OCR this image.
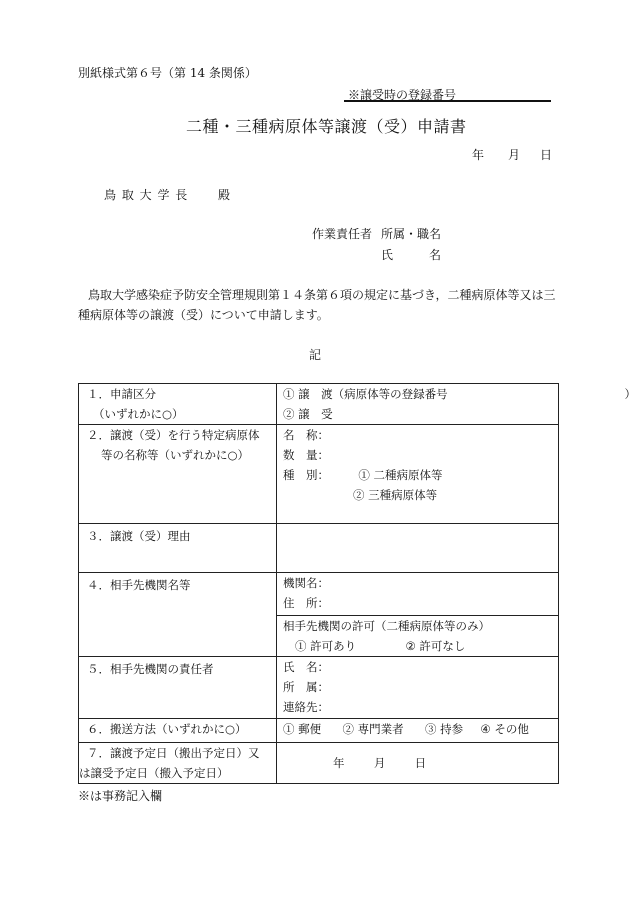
別紙様式第６号（第 14 条関係）
※譲受時の登録番号
二種・三種病原体等譲渡（受）申請書
年 月 日
鳥 取 大 学 長 殿
作業責任者 所属・職名
氏　　　名
鳥取大学感染症予防安全管理規則第１４条第６項の規定に基づき，二種病原体等又は三
種病原体等の譲渡（受）について申請します。
記
１．申請区分
（いずれかに○）	① 譲　渡（病原体等の登録番号 ）
② 譲　受

２．譲渡（受）を行う特定病原体
等の名称等（いずれかに○）	名　称：
数　量：
種　別： ① 二種病原体等
② 三種病原体等

３．譲渡（受）理由	

４．相手先機関名等	機関名：
住　所：
相手先機関の許可（二種病原体等のみ）
① 許可あり ② 許可なし

５．相手先機関の責任者	氏　名：
所　属：
連絡先：

６．搬送方法（いずれかに○）	① 郵便 ② 専門業者 ③ 持参 ④ その他

７．譲渡予定日（搬出予定日）又
は譲受予定日（搬入予定日）	年 月 日
※は事務記入欄
